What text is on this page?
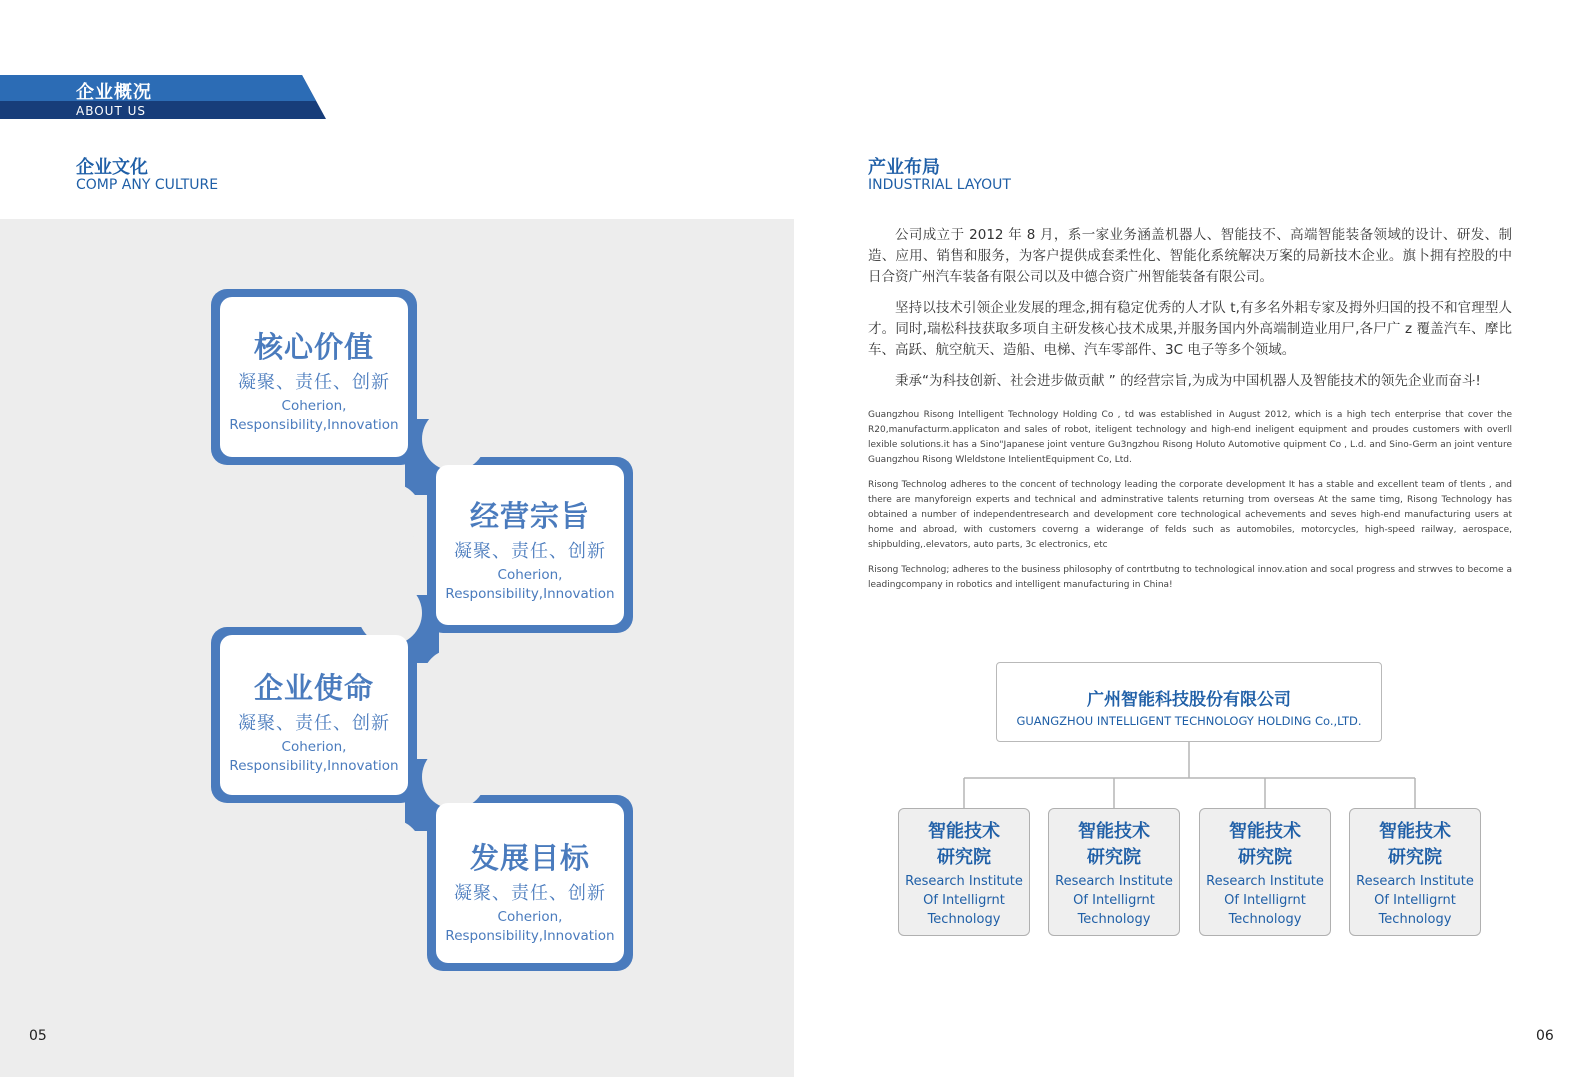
企业概况
ABOUT US
企业文化
COMP ANY CULTURE
核心价值
凝聚、责任、创新
Coherion,
Responsibility,Innovation
经营宗旨
凝聚、责任、创新
Coherion,
Responsibility,Innovation
企业使命
凝聚、责任、创新
Coherion,
Responsibility,Innovation
发展目标
凝聚、责任、创新
Coherion,
Responsibility,Innovation
05
产业布局
INDUSTRIAL LAYOUT

公司成立于 2012 年 8 月，系一家业务涵盖机器人、智能技不、高端智能装备领域的设计、研发、制造、应用、销售和服务，为客户提供成套柔性化、智能化系统解决万案的局新技木企业。旗卜拥有控股的中日合资广州汽车装备有限公司以及中德合资广州智能装备有限公司。

坚持以技术引领企业发展的理念,拥有稳定优秀的人才队 t,有多名外耜专家及拇外归国的投不和官理型人才。同时,瑞松科技获取多项自主研发核心技术成果,并服务国内外高端制造业用尸,各尸广 z 覆盖汽车、摩比车、高跃、航空航天、造船、电梯、汽车零部件、3C 电子等多个领域。

秉承“为科技创新、社会进步做贡献 ” 的经营宗旨,为成为中国机器人及智能技术的领先企业而奋斗!

Guangzhou Risong Intelligent Technology Holding Co , td was established in August 2012, which is a high tech enterprise that cover the R20,manufacturm.applicaton and sales of robot, iteligent technology and high-end ineligent equipment and proudes customers with overll lexible solutions.it has a Sino"Japanese joint venture Gu3ngzhou Risong Holuto Automotive quipment Co , L.d. and Sino-Germ an joint venture Guangzhou Risong Wleldstone IntelientEquipment Co, Ltd.

Risong Technolog adheres to the concent of technology leading the corporate development It has a stable and excellent team of tlents , and there are manyforeign experts and technical and adminstrative talents returning trom overseas At the same timg, Risong Technology has obtained a number of independentresearch and development core technological achevements and seves high-end manufacturing users at home and abroad, with customers coverng a widerange of felds such as automobiles, motorcycles, high-speed railway, aerospace, shipbulding,.elevators, auto parts, 3c electronics, etc

Risong Technolog; adheres to the business philosophy of contrtbutng to technological innov.ation and socal progress and strwves to become a leadingcompany in robotics and intelligent manufacturing in China!

广州智能科技股份有限公司
GUANGZHOU INTELLIGENT TECHNOLOGY HOLDING Co.,LTD.
智能技术研究院
Research Institute
Of Intelligrnt
Technology
智能技术研究院
Research Institute
Of Intelligrnt
Technology
智能技术研究院
Research Institute
Of Intelligrnt
Technology
智能技术研究院
Research Institute
Of Intelligrnt
Technology
06
